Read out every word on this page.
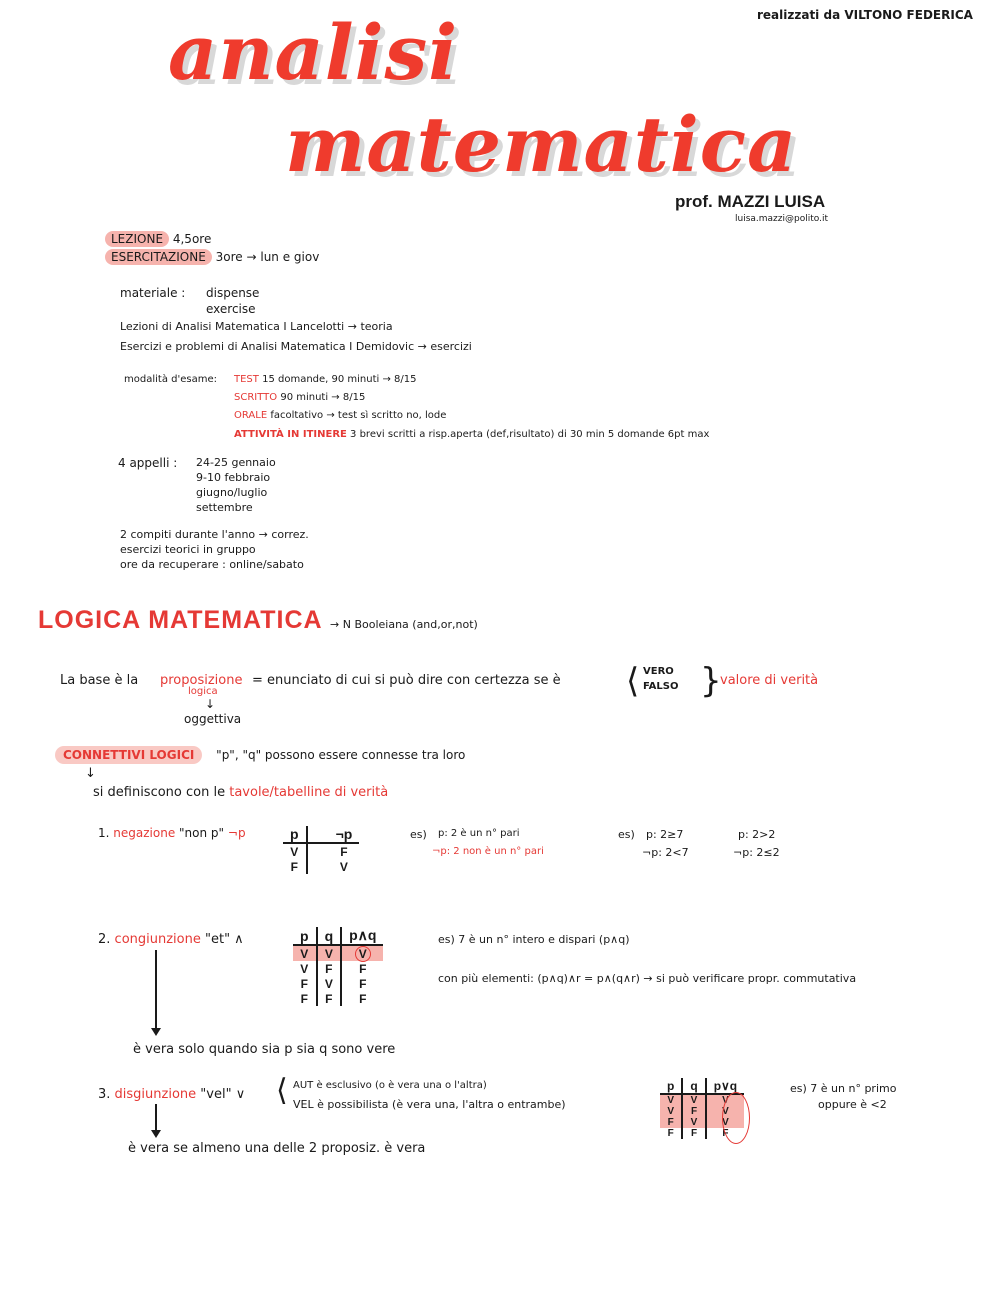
realizzati da VILTONO FEDERICA
analisi
matematica
prof. MAZZI LUISA
luisa.mazzi@polito.it
LEZIONE 4,5ore
ESERCITAZIONE 3ore → lun e giov
materiale : dispense
exercise
Lezioni di Analisi Matematica I Lancelotti → teoria
Esercizi e problemi di Analisi Matematica I Demidovic → esercizi
modalità d'esame: TEST 15 domande, 90 minuti → 8/15
SCRITTO 90 minuti → 8/15
ORALE facoltativo → test sì scritto no, lode
ATTIVITÀ IN ITINERE 3 brevi scritti a risp.aperta (def,risultato) di 30 min 5 domande 6pt max
4 appelli : 24-25 gennaio
9-10 febbraio
giugno/luglio
settembre
2 compiti durante l'anno → correz.
esercizi teorici in gruppo
ore da recuperare : online/sabato
LOGICA MATEMATICA → N Booleiana (and,or,not)
La base è la proposizione
logica
= enunciato di cui si può dire con certezza se è ⟨ VERO
FALSO }
valore di verità
↓
oggettiva
CONNETTIVI LOGICI "p", "q" possono essere connesse tra loro
↓
si definiscono con le tavole/tabelline di verità
1. negazione "non p" ¬p	p	¬p
V	F
F	V
es) p: 2 è un n° pari
¬p: 2 non è un n° pari
es) p: 2≥7
¬p: 2<7
p: 2>2
¬p: 2≤2
2. congiunzione "et" ∧	p	q	p∧q
V	V	V
V	F	F
F	V	F
F	F	F
es) 7 è un n° intero e dispari (p∧q)
con più elementi: (p∧q)∧r = p∧(q∧r) → si può verificare propr. commutativa
è vera solo quando sia p sia q sono vere
3. disgiunzione "vel" ∨ ⟨ AUT è esclusivo (o è vera una o l'altra)
VEL è possibilista (è vera una, l'altra o entrambe)
p	q	p∨q
V	V	V
V	F	V
F	V	V
F	F	F
es) 7 è un n° primo
oppure è <2
è vera se almeno una delle 2 proposiz. è vera
